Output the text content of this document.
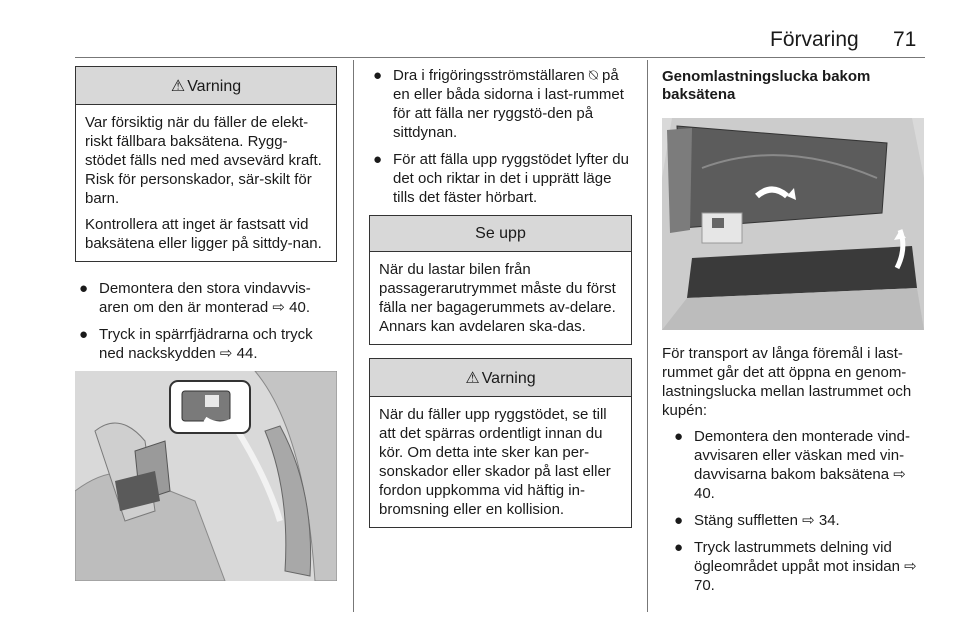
Förvaring 71
⚠ Varning

Var försiktig när du fäller de elekt-riskt fällbara baksätena. Rygg-stödet fälls ned med avsevärd kraft. Risk för personskador, sär-skilt för barn.

Kontrollera att inget är fastsatt vid baksätena eller ligger på sittdy-nan.

● Demontera den stora vindavvis-aren om den är monterad ⇨ 40.
● Tryck in spärrfjädrarna och tryck ned nackskydden ⇨ 44.
● Dra i frigöringsströmställaren ⍉ på en eller båda sidorna i last-rummet för att fälla ner ryggstö-den på sittdynan.
● För att fälla upp ryggstödet lyfter du det och riktar in det i upprätt läge tills det fäster hörbart.
Se upp

När du lastar bilen från passagerarutrymmet måste du först fälla ner bagagerummets av-delare. Annars kan avdelaren ska-das.

⚠ Varning

När du fäller upp ryggstödet, se till att det spärras ordentligt innan du kör. Om detta inte sker kan per-sonskador eller skador på last eller fordon uppkomma vid häftig in-bromsning eller en kollision.

Genomlastningslucka bakom baksätena

För transport av långa föremål i last-rummet går det att öppna en genom-lastningslucka mellan lastrummet och kupén:

● Demontera den monterade vind-avvisaren eller väskan med vin-davvisarna bakom baksätena ⇨ 40.
● Stäng suffletten ⇨ 34.
● Tryck lastrummets delning vid ögleområdet uppåt mot insidan ⇨ 70.
